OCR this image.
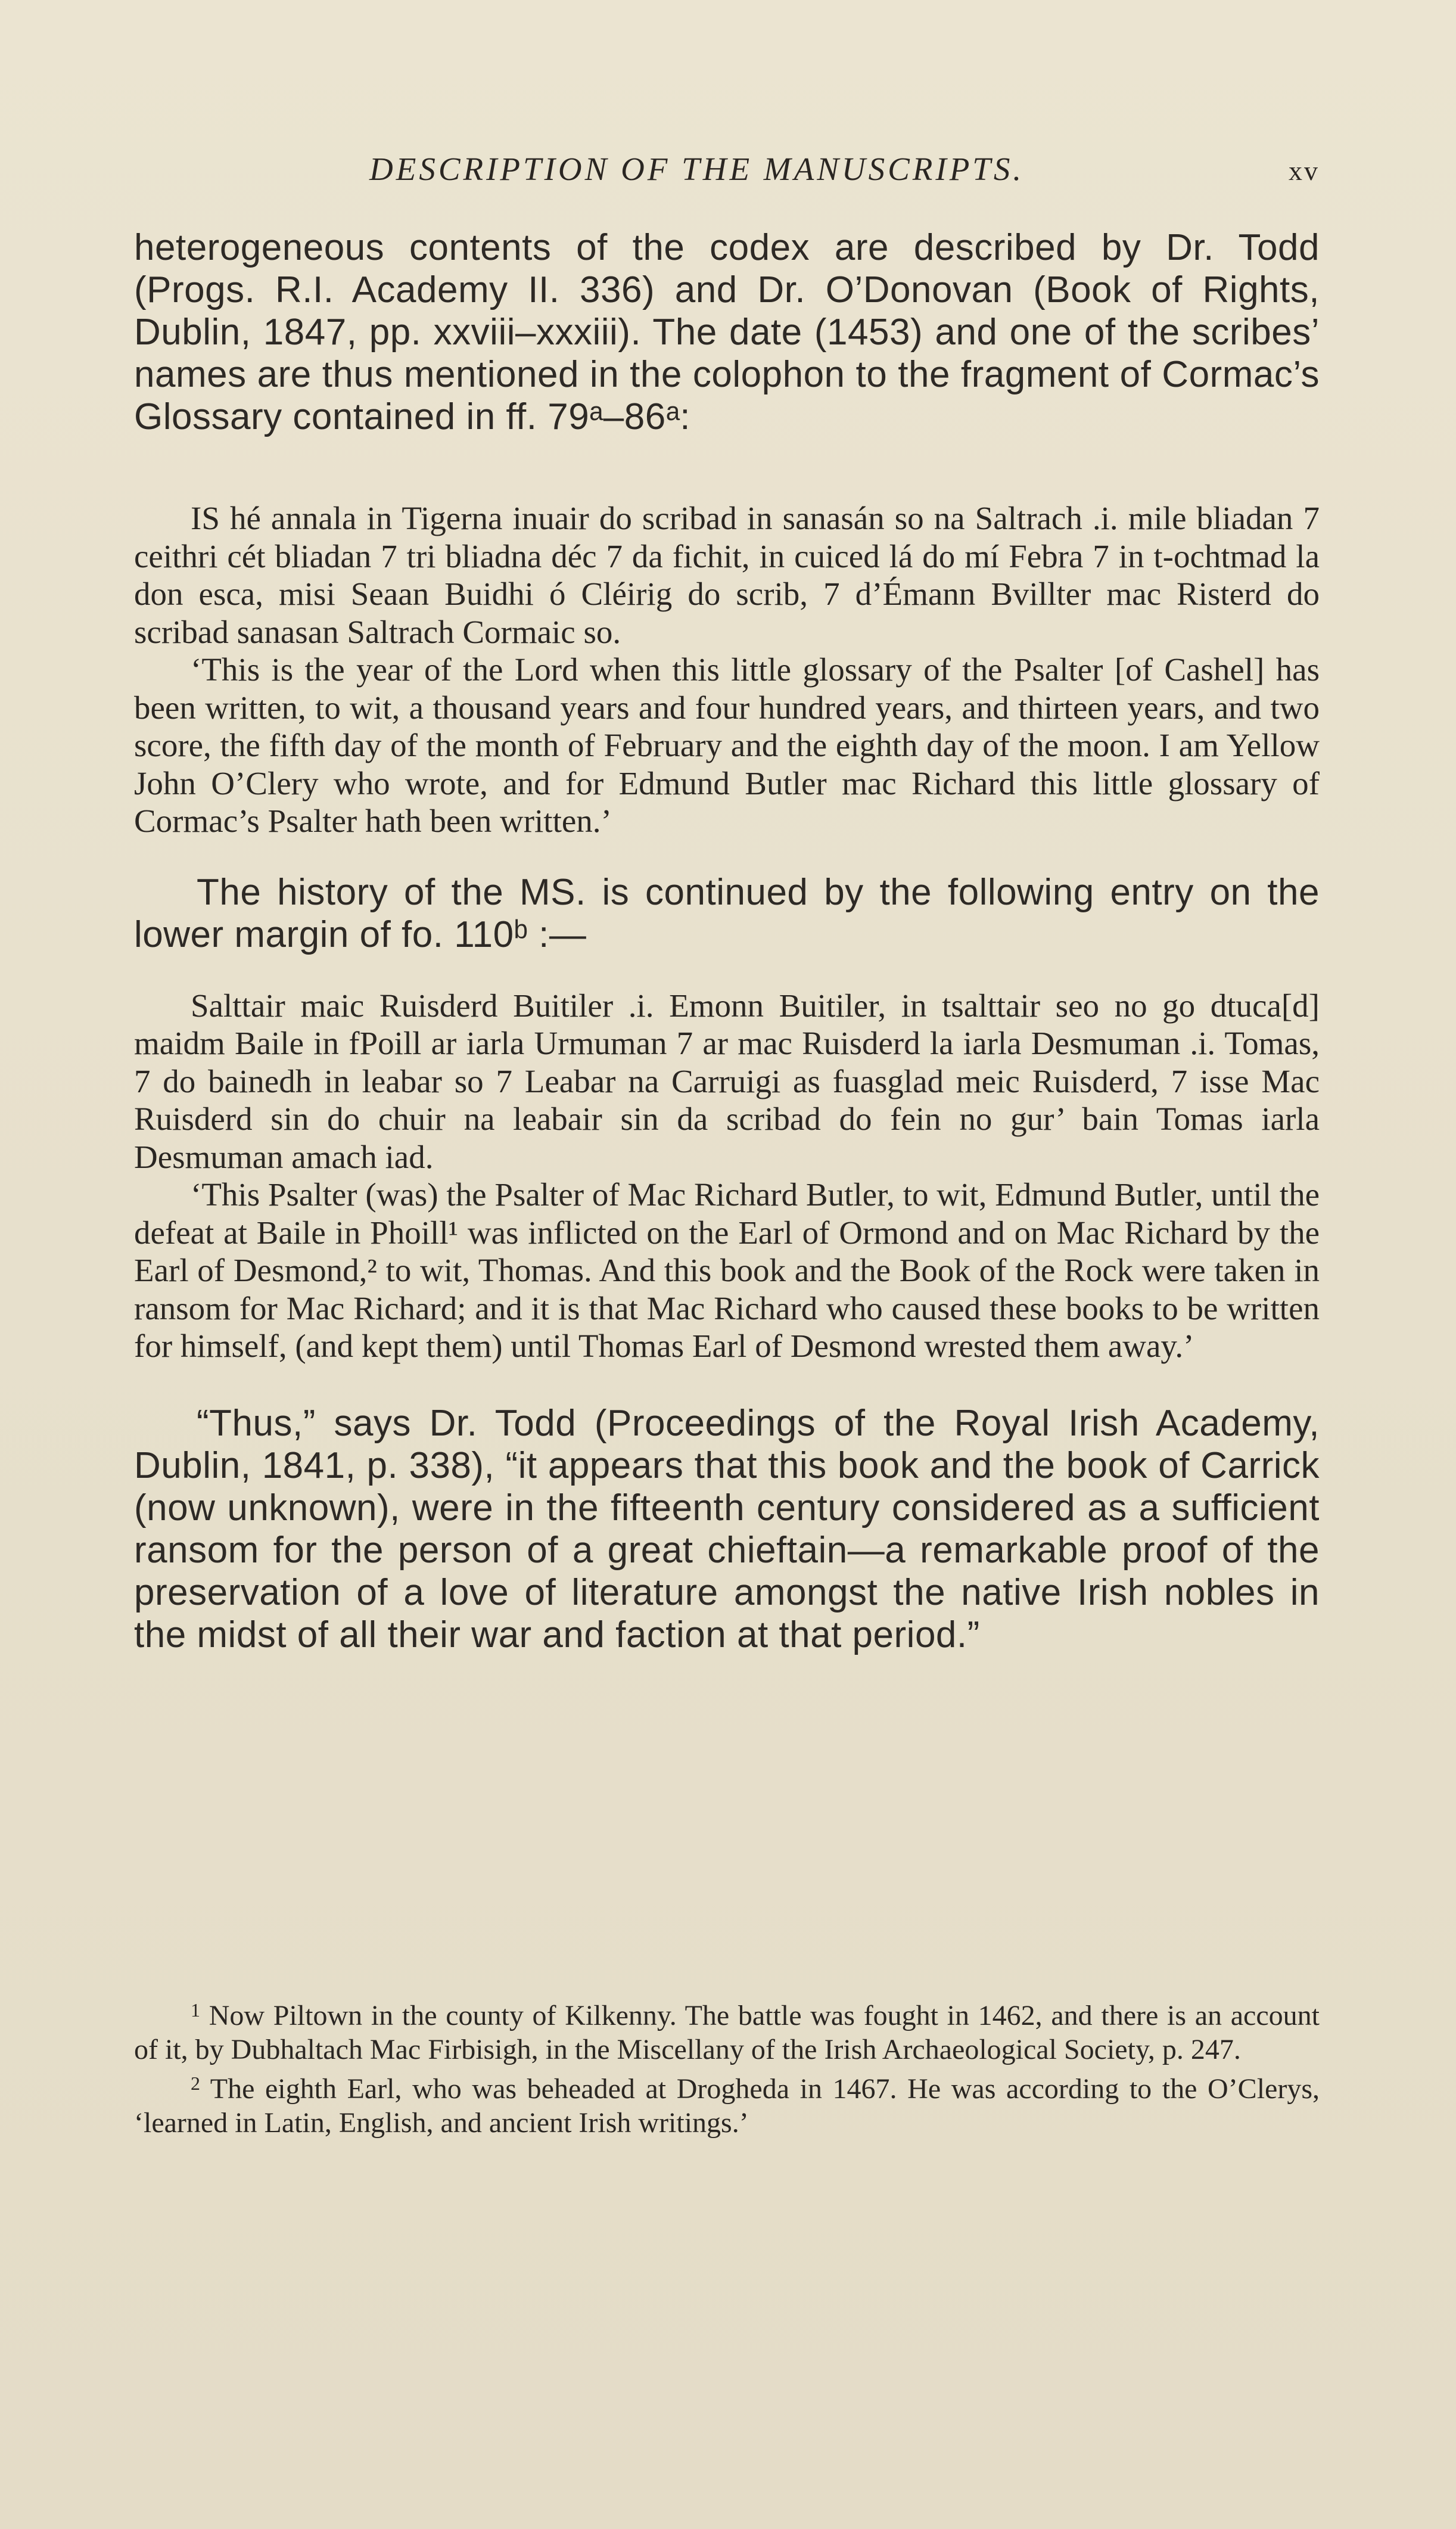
DESCRIPTION OF THE MANUSCRIPTS.	xv

heterogeneous contents of the codex are described by Dr. Todd (Progs. R.I. Academy II. 336) and Dr. O’Donovan (Book of Rights, Dublin, 1847, pp. xxviii–xxxiii). The date (1453) and one of the scribes’ names are thus mentioned in the colophon to the fragment of Cormac’s Glossary contained in ff. 79ᵃ–86ᵃ:

IS hé annala in Tigerna inuair do scribad in sanasán so na Saltrach .i. mile bliadan 7 ceithri cét bliadan 7 tri bliadna déc 7 da fichit, in cuiced lá do mí Febra 7 in t-ochtmad la don esca, misi Seaan Buidhi ó Cléirig do scrib, 7 d’Émann Bvillter mac Risterd do scribad sanasan Saltrach Cormaic so.

‘This is the year of the Lord when this little glossary of the Psalter [of Cashel] has been written, to wit, a thousand years and four hundred years, and thirteen years, and two score, the fifth day of the month of February and the eighth day of the moon. I am Yellow John O’Clery who wrote, and for Edmund Butler mac Richard this little glossary of Cormac’s Psalter hath been written.’

The history of the MS. is continued by the following entry on the lower margin of fo. 110ᵇ :—

Salttair maic Ruisderd Buitiler .i. Emonn Buitiler, in tsalttair seo no go dtuca[d] maidm Baile in fPoill ar iarla Urmuman 7 ar mac Ruisderd la iarla Desmuman .i. Tomas, 7 do bainedh in leabar so 7 Leabar na Carruigi as fuasglad meic Ruisderd, 7 isse Mac Ruisderd sin do chuir na leabair sin da scribad do fein no gur’ bain Tomas iarla Desmuman amach iad.

‘This Psalter (was) the Psalter of Mac Richard Butler, to wit, Edmund Butler, until the defeat at Baile in Phoill¹ was inflicted on the Earl of Ormond and on Mac Richard by the Earl of Desmond,² to wit, Thomas. And this book and the Book of the Rock were taken in ransom for Mac Richard; and it is that Mac Richard who caused these books to be written for himself, (and kept them) until Thomas Earl of Desmond wrested them away.’

“Thus,” says Dr. Todd (Proceedings of the Royal Irish Academy, Dublin, 1841, p. 338), “it appears that this book and the book of Carrick (now unknown), were in the fifteenth century considered as a sufficient ransom for the person of a great chieftain—a remarkable proof of the preservation of a love of literature amongst the native Irish nobles in the midst of all their war and faction at that period.”

$^1$ Now Piltown in the county of Kilkenny. The battle was fought in 1462, and there is an account of it, by Dubhaltach Mac Firbisigh, in the Miscellany of the Irish Archaeological Society, p. 247.

$^2$ The eighth Earl, who was beheaded at Drogheda in 1467. He was according to the O’Clerys, ‘learned in Latin, English, and ancient Irish writings.’
